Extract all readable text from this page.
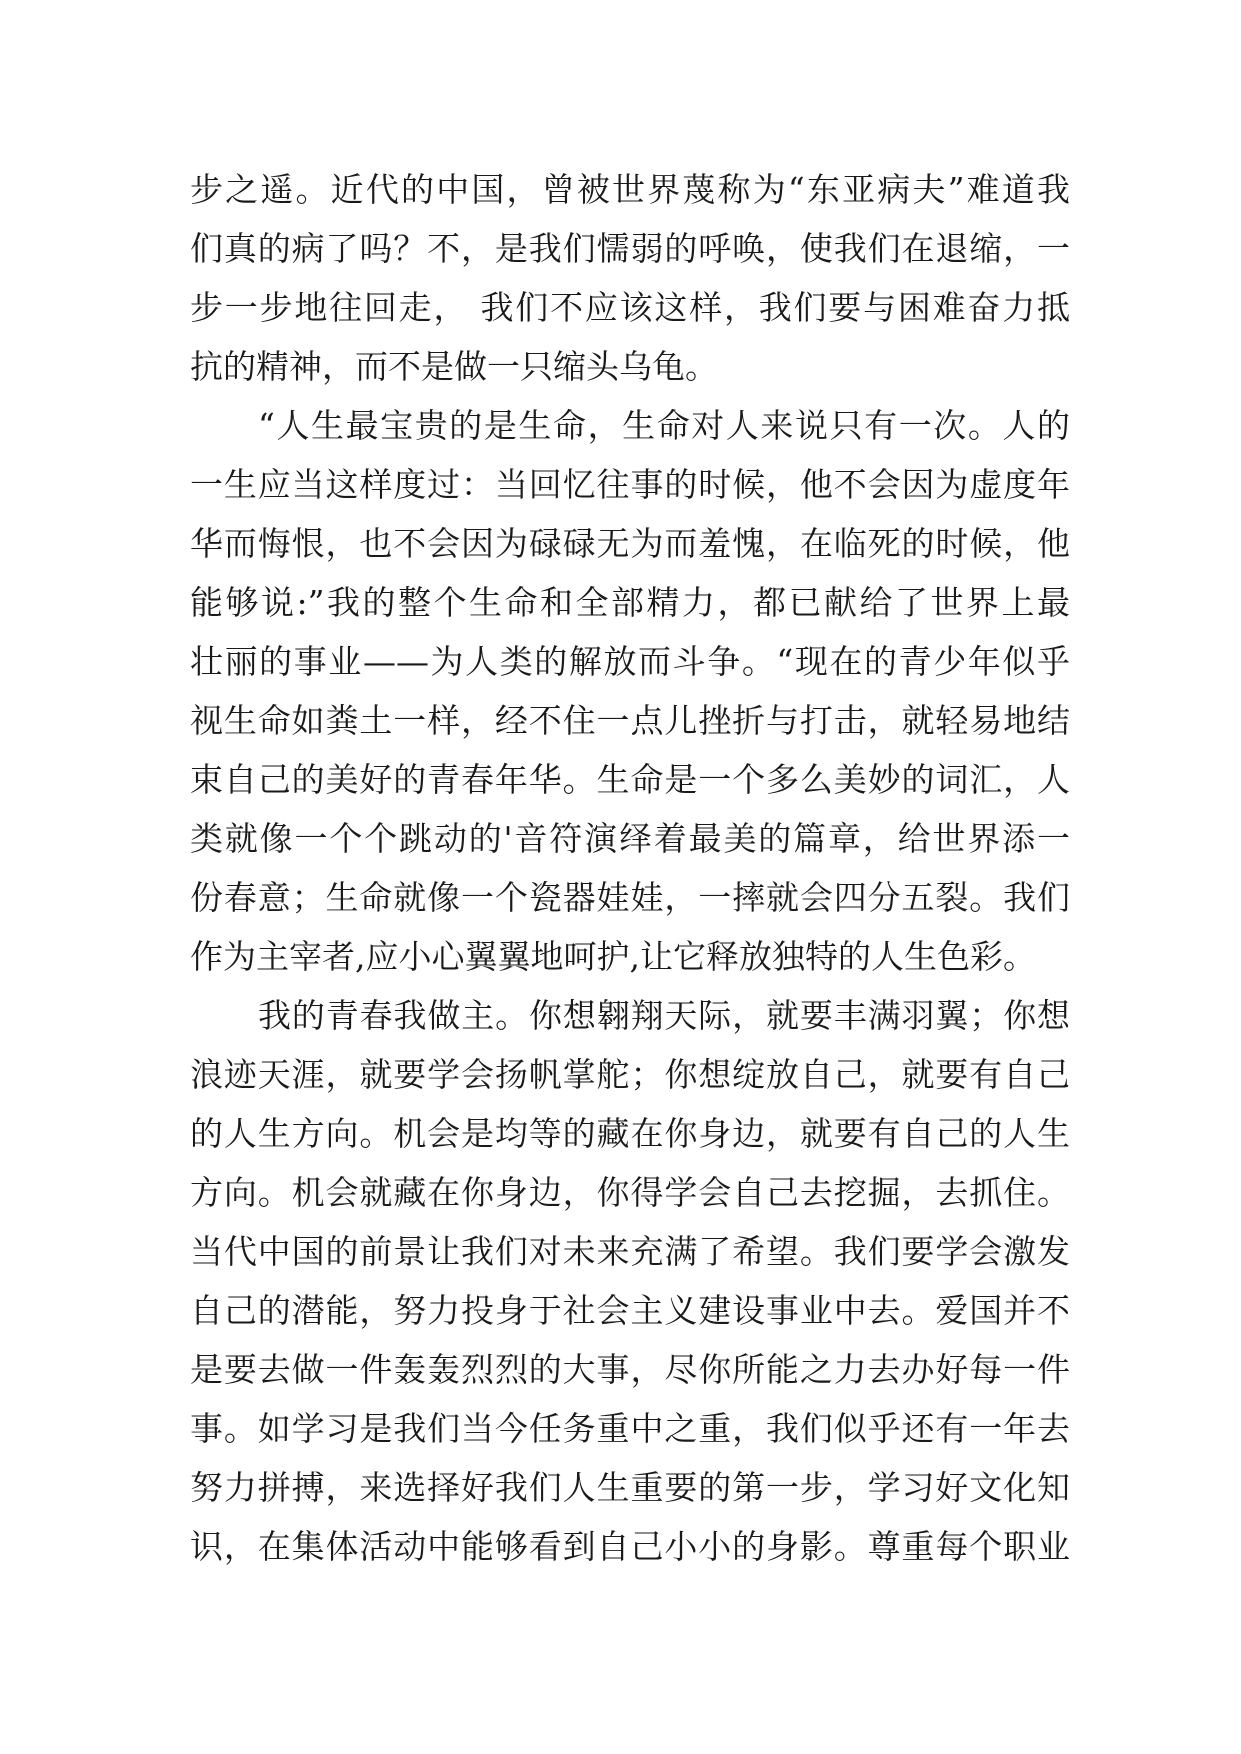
步之遥。近代的中国，曾被世界蔑称为“东亚病夫”难道我
们真的病了吗？不，是我们懦弱的呼唤，使我们在退缩，一
步一步地往回走， 我们不应该这样，我们要与困难奋力抵
抗的精神，而不是做一只缩头乌龟。
“人生最宝贵的是生命，生命对人来说只有一次。人的
一生应当这样度过：当回忆往事的时候，他不会因为虚度年
华而悔恨，也不会因为碌碌无为而羞愧，在临死的时候，他
能够说:”我的整个生命和全部精力，都已献给了世界上最
壮丽的事业——为人类的解放而斗争。“现在的青少年似乎
视生命如粪土一样，经不住一点儿挫折与打击，就轻易地结
束自己的美好的青春年华。生命是一个多么美妙的词汇，人
类就像一个个跳动的'音符演绎着最美的篇章，给世界添一
份春意；生命就像一个瓷器娃娃，一摔就会四分五裂。我们
作为主宰者,应小心翼翼地呵护,让它释放独特的人生色彩。
我的青春我做主。你想翱翔天际，就要丰满羽翼；你想
浪迹天涯，就要学会扬帆掌舵；你想绽放自己，就要有自己
的人生方向。机会是均等的藏在你身边，就要有自己的人生
方向。机会就藏在你身边，你得学会自己去挖掘，去抓住。
当代中国的前景让我们对未来充满了希望。我们要学会激发
自己的潜能，努力投身于社会主义建设事业中去。爱国并不
是要去做一件轰轰烈烈的大事，尽你所能之力去办好每一件
事。如学习是我们当今任务重中之重，我们似乎还有一年去
努力拼搏，来选择好我们人生重要的第一步，学习好文化知
识，在集体活动中能够看到自己小小的身影。尊重每个职业
